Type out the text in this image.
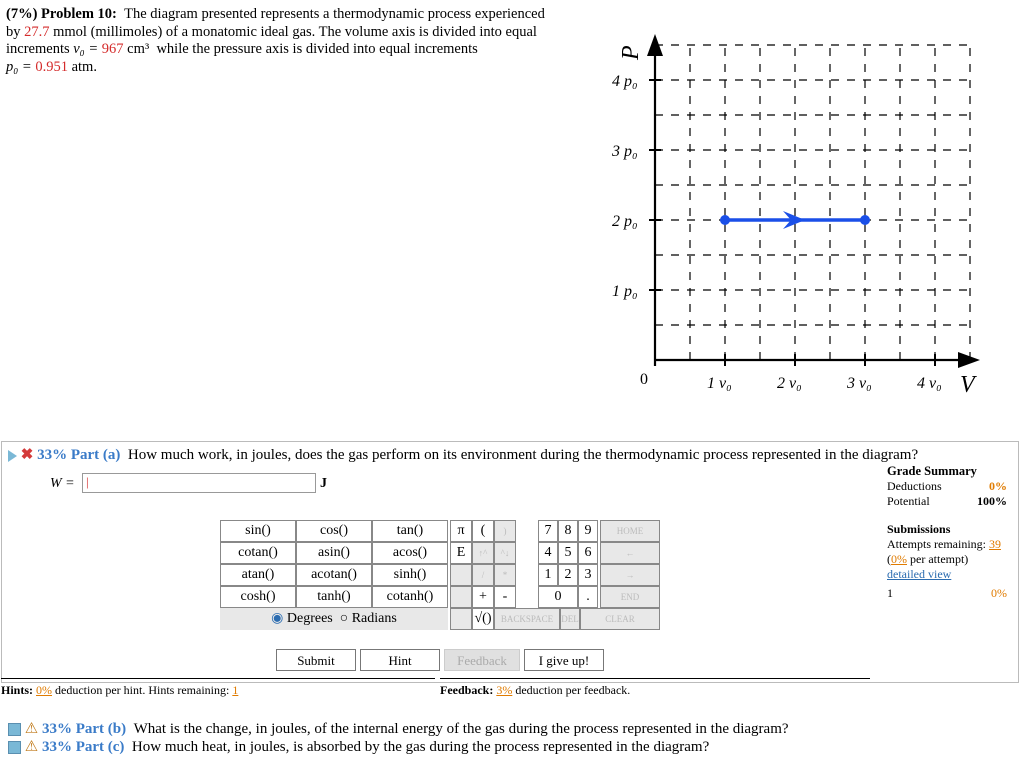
(7%) Problem 10: The diagram presented represents a thermodynamic process experienced
by 27.7 mmol (millimoles) of a monatomic ideal gas. The volume axis is divided into equal
increments v₀ = 967 cm³ while the pressure axis is divided into equal increments
p₀ = 0.951 atm.
P
V
0
4 p₀
3 p₀
2 p₀
1 p₀
1 v₀	2 v₀	3 v₀	4 v₀
✖ 33% Part (a) How much work, in joules, does the gas perform on its environment during the thermodynamic process represented in the diagram?
W = |	J
Grade Summary
Deductions	0%
Potential	100%
Submissions
Attempts remaining: 39
(0% per attempt)
detailed view
1	0%
sin()	cos()	tan()
cotan()	asin()	acos()
atan()	acotan()	sinh()
cosh()	tanh()	cotanh()
◉ Degrees ○ Radians
π	(	)	7 8 9	HOME
E	↑^	^↓	4 5 6	←
/	*	1 2 3	→
+	-	0	.	END
√()	BACKSPACE DEL	CLEAR
Submit	Hint	Feedback	I give up!
Hints: 0% deduction per hint. Hints remaining: 1	Feedback: 3% deduction per feedback.
⚠ 33% Part (b) What is the change, in joules, of the internal energy of the gas during the process represented in the diagram?
⚠ 33% Part (c) How much heat, in joules, is absorbed by the gas during the process represented in the diagram?
